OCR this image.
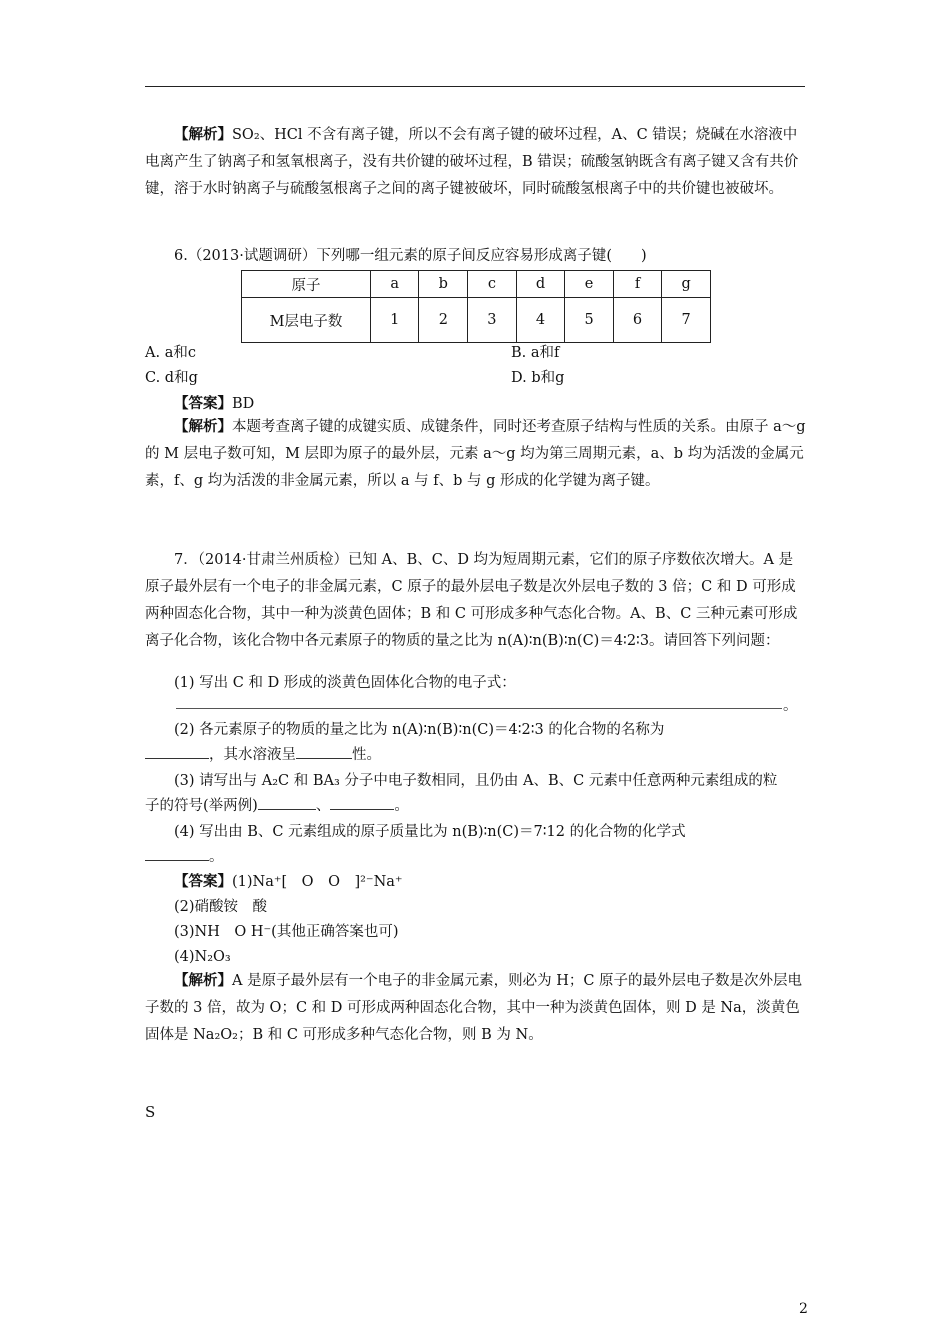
【解析】SO₂、HCl 不含有离子键，所以不会有离子键的破坏过程，A、C 错误；烧碱在水溶液中电离产生了钠离子和氢氧根离子，没有共价键的破坏过程，B 错误；硫酸氢钠既含有离子键又含有共价键，溶于水时钠离子与硫酸氢根离子之间的离子键被破坏，同时硫酸氢根离子中的共价键也被破坏。

6.（2013·试题调研）下列哪一组元素的原子间反应容易形成离子键(　　)
原子	a	b	c	d	e	f	g
M层电子数	1	2	3	4	5	6	7
A. a和c	B. a和f
C. d和g	D. b和g
【答案】BD

【解析】本题考查离子键的成键实质、成键条件，同时还考查原子结构与性质的关系。由原子 a～g 的 M 层电子数可知，M 层即为原子的最外层，元素 a～g 均为第三周期元素，a、b 均为活泼的金属元素，f、g 均为活泼的非金属元素，所以 a 与 f、b 与 g 形成的化学键为离子键。

7．（2014·甘肃兰州质检）已知 A、B、C、D 均为短周期元素，它们的原子序数依次增大。A 是原子最外层有一个电子的非金属元素，C 原子的最外层电子数是次外层电子数的 3 倍；C 和 D 可形成两种固态化合物，其中一种为淡黄色固体；B 和 C 可形成多种气态化合物。A、B、C 三种元素可形成离子化合物，该化合物中各元素原子的物质的量之比为 n(A)∶n(B)∶n(C)＝4∶2∶3。请回答下列问题：

(1) 写出 C 和 D 形成的淡黄色固体化合物的电子式：
。
(2) 各元素原子的物质的量之比为 n(A)∶n(B)∶n(C)＝4∶2∶3 的化合物的名称为
，其水溶液呈	性。
(3) 请写出与 A₂C 和 BA₃ 分子中电子数相同，且仍由 A、B、C 元素中任意两种元素组成的粒
子的符号(举两例)	、	。
(4) 写出由 B、C 元素组成的原子质量比为 n(B)∶n(C)＝7∶12 的化合物的化学式
。
【答案】(1)Na⁺[　O　O　]²⁻Na⁺
(2)硝酸铵　酸
(3)NH　O H⁻(其他正确答案也可)
(4)N₂O₃

【解析】A 是原子最外层有一个电子的非金属元素，则必为 H；C 原子的最外层电子数是次外层电子数的 3 倍，故为 O；C 和 D 可形成两种固态化合物，其中一种为淡黄色固体，则 D 是 Na，淡黄色固体是 Na₂O₂；B 和 C 可形成多种气态化合物，则 B 为 N。

S
2
